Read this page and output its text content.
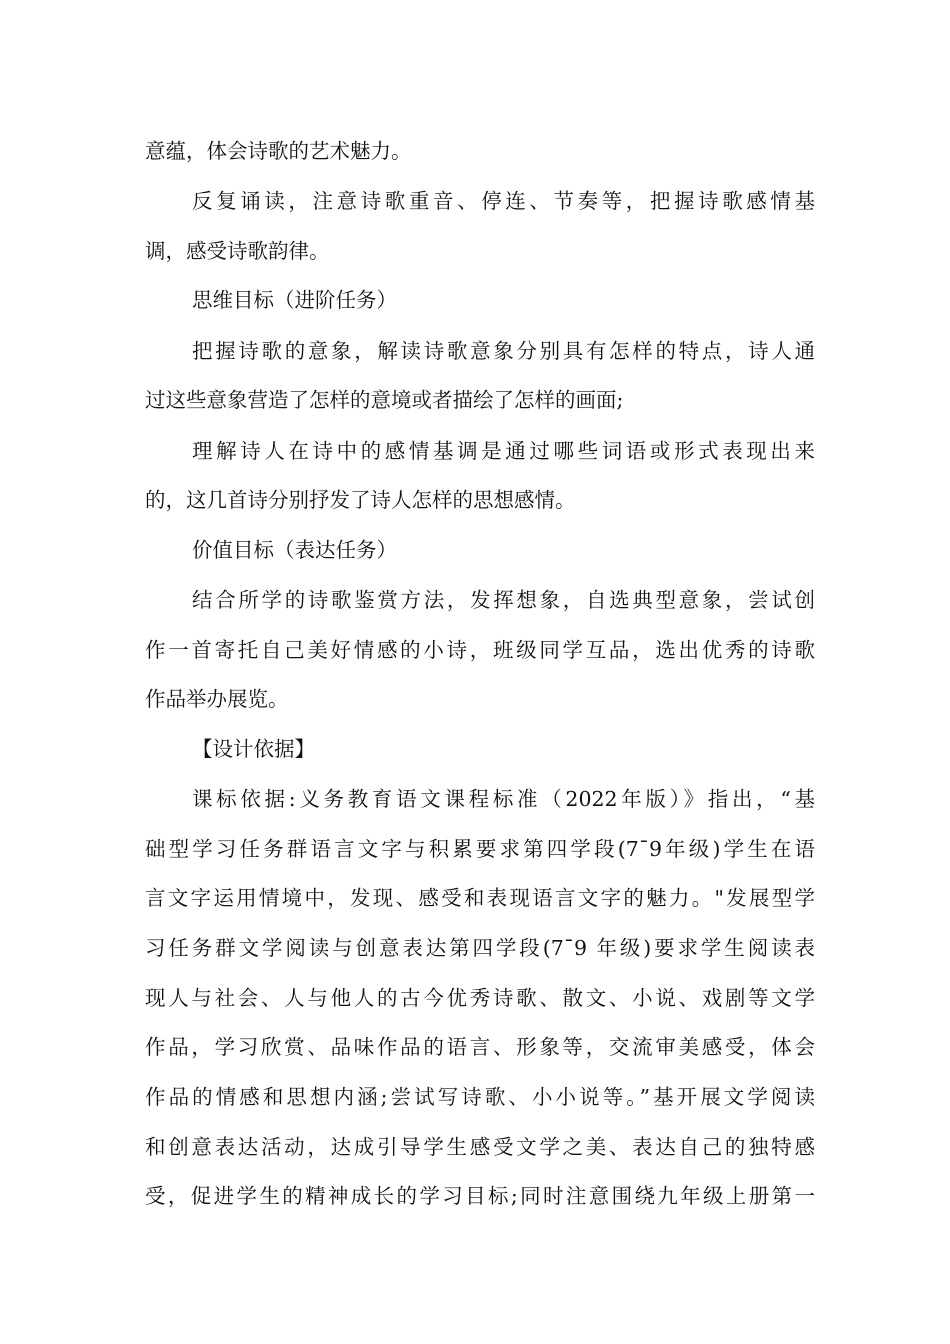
意蕴，体会诗歌的艺术魅力。
反复诵读，注意诗歌重音、停连、节奏等，把握诗歌感情基
调，感受诗歌韵律。
思维目标（进阶任务）
把握诗歌的意象，解读诗歌意象分别具有怎样的特点，诗人通
过这些意象营造了怎样的意境或者描绘了怎样的画面;
理解诗人在诗中的感情基调是通过哪些词语或形式表现出来
的，这几首诗分别抒发了诗人怎样的思想感情。
价值目标（表达任务）
结合所学的诗歌鉴赏方法，发挥想象，自选典型意象，尝试创
作一首寄托自己美好情感的小诗，班级同学互品，选出优秀的诗歌
作品举办展览。
【设计依据】
课标依据:义务教育语文课程标准（2022年版）》指出，“基
础型学习任务群语言文字与积累要求第四学段(7¯9年级)学生在语
言文字运用情境中，发现、感受和表现语言文字的魅力。"发展型学
习任务群文学阅读与创意表达第四学段(7¯9 年级)要求学生阅读表
现人与社会、人与他人的古今优秀诗歌、散文、小说、戏剧等文学
作品，学习欣赏、品味作品的语言、形象等，交流审美感受，体会
作品的情感和思想内涵;尝试写诗歌、小小说等。”基开展文学阅读
和创意表达活动，达成引导学生感受文学之美、表达自己的独特感
受，促进学生的精神成长的学习目标;同时注意围绕九年级上册第一
